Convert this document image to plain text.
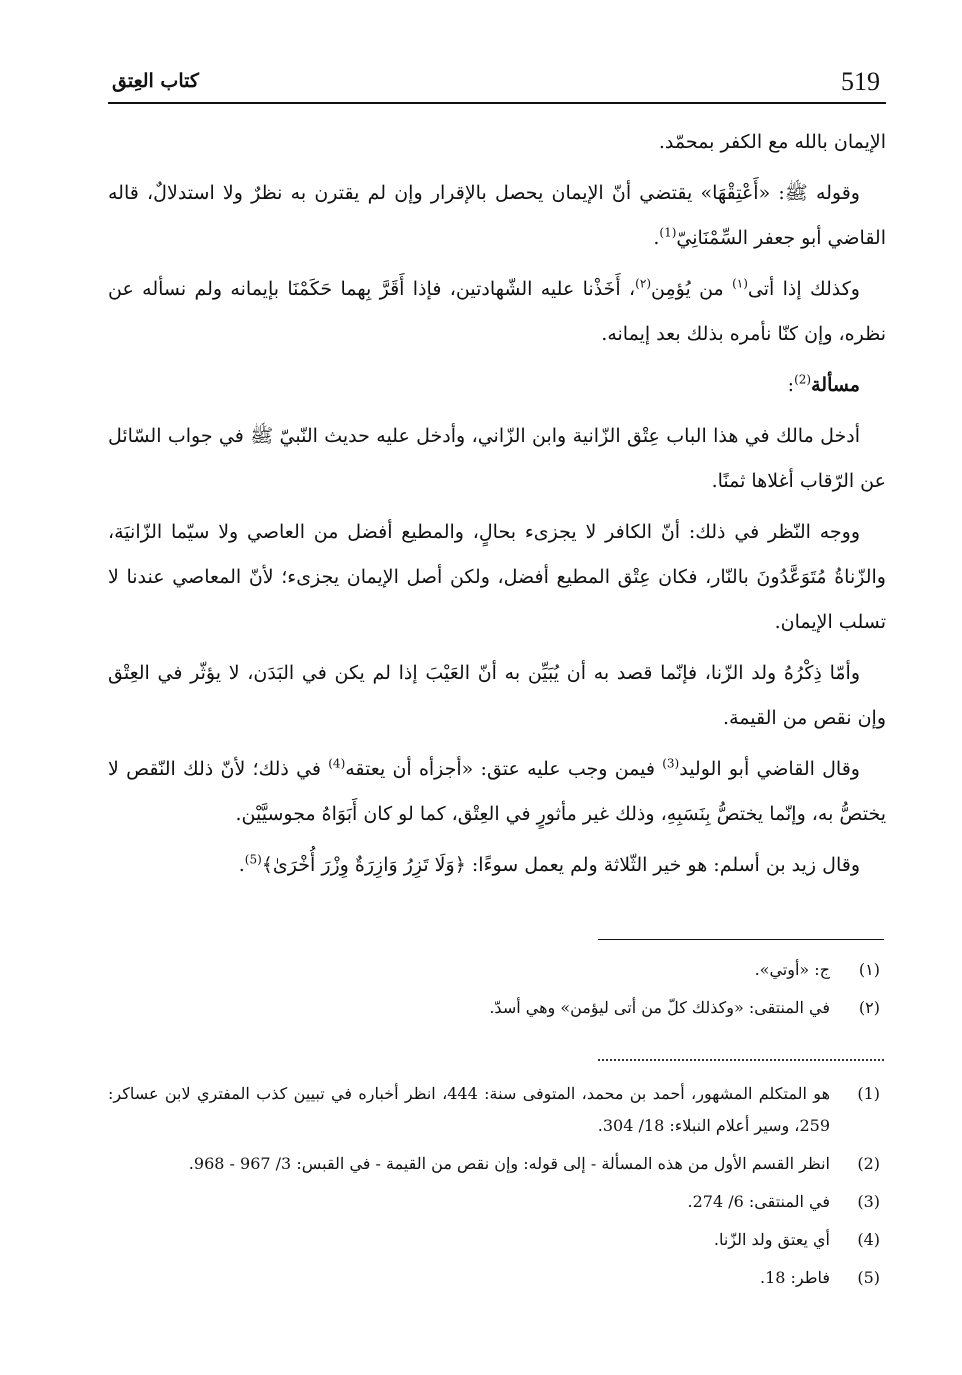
519
كتاب العِتق

الإيمان بالله مع الكفر بمحمّد.

وقوله ﷺ: «أَعْتِقْهَا» يقتضي أنّ الإيمان يحصل بالإقرار وإن لم يقترن به نظرٌ ولا استدلالٌ، قاله القاضي أبو جعفر السِّمْنَانِيّ$^{(1)}$.

وكذلك إذا أتى$^{(١)}$ من يُؤمِن$^{(٢)}$، أَخَذْنا عليه الشّهادتين، فإذا أَقَرَّ بِهما حَكَمْنَا بإيمانه ولم نسأله عن نظره، وإن كنّا نأمره بذلك بعد إيمانه.

مسألة$^{(2)}$:

أدخل مالك في هذا الباب عِتْق الزّانية وابن الزّاني، وأدخل عليه حديث النّبيّ ﷺ في جواب السّائل عن الرّقاب أغلاها ثمنًا.

ووجه النّظر في ذلك: أنّ الكافر لا يجزىء بحالٍ، والمطيع أفضل من العاصي ولا سيّما الزّانيَة، والزّناةُ مُتَوَعَّدُونَ بالنّار، فكان عِتْق المطيع أفضل، ولكن أصل الإيمان يجزىء؛ لأنّ المعاصي عندنا لا تسلب الإيمان.

وأمّا ذِكْرُهُ ولد الزّنا، فإنّما قصد به أن يُبَيِّن به أنّ العَيْبَ إذا لم يكن في البَدَن، لا يؤثّر في العِتْق وإن نقص من القيمة.

وقال القاضي أبو الوليد$^{(3)}$ فيمن وجب عليه عتق: «أجزأه أن يعتقه$^{(4)}$ في ذلك؛ لأنّ ذلك النّقص لا يختصُّ به، وإنّما يختصُّ بِنَسَبِهِ، وذلك غير مأثورٍ في العِتْق، كما لو كان أَبَوَاهُ مجوسيَّيْن.

وقال زيد بن أسلم: هو خير الثّلاثة ولم يعمل سوءًا: ﴿وَلَا تَزِرُ وَازِرَةٌ وِزْرَ أُخْرَىٰ﴾$^{(5)}$.

(١)
ج: «أوتي».
(٢)
في المنتقى: «وكذلك كلّ من أتى ليؤمن» وهي أسدّ.
(1)
هو المتكلم المشهور، أحمد بن محمد، المتوفى سنة: 444، انظر أخباره في تبيين كذب المفتري لابن عساكر: 259، وسير أعلام النبلاء: 18/ 304.
(2)
انظر القسم الأول من هذه المسألة - إلى قوله: وإن نقص من القيمة - في القبس: 3/ 967 - 968.
(3)
في المنتقى: 6/ 274.
(4)
أي يعتق ولد الزّنا.
(5)
فاطر: 18.
